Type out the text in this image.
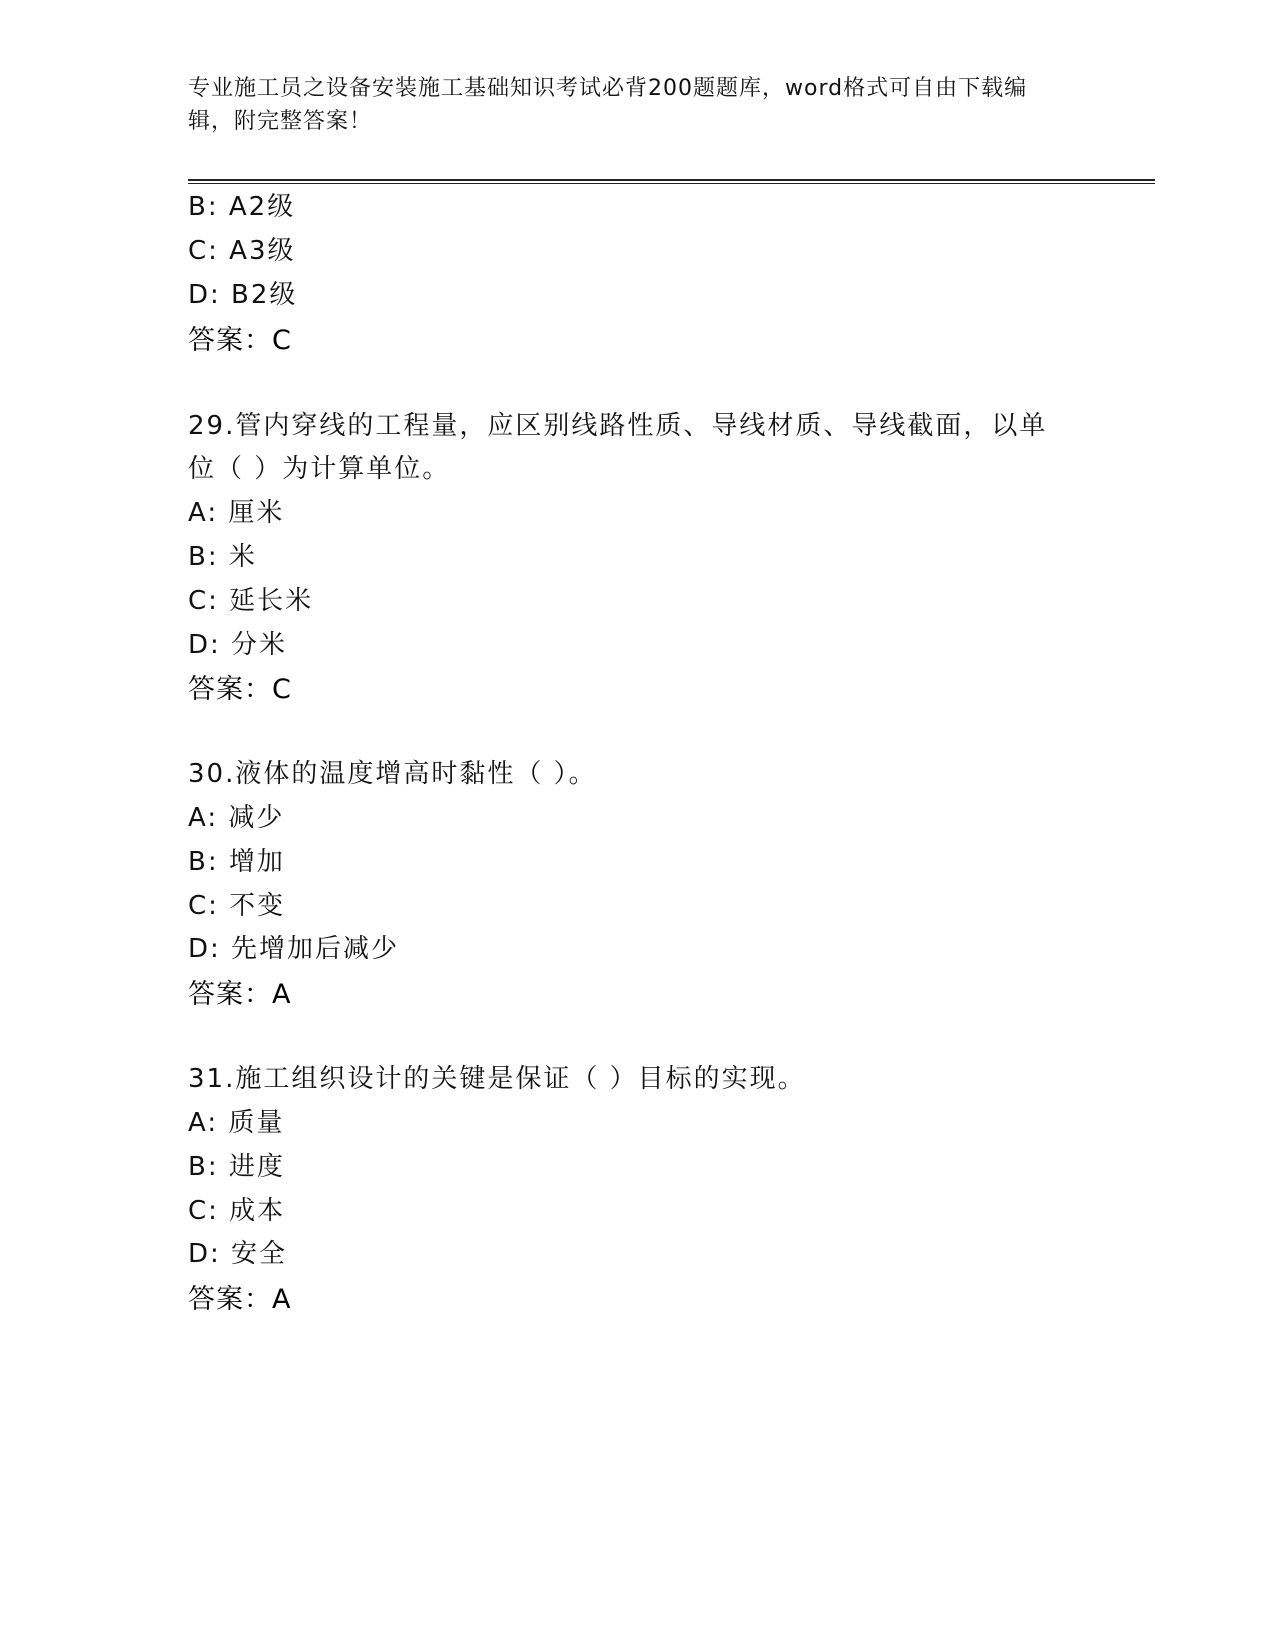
专业施工员之设备安装施工基础知识考试必背200题题库，word格式可自由下载编辑，附完整答案！
B: A2级
C: A3级
D: B2级
答案：C
29.管内穿线的工程量，应区别线路性质、导线材质、导线截面，以单
位（ ）为计算单位。
A: 厘米
B: 米
C: 延长米
D: 分米
答案：C
30.液体的温度增高时黏性（ ）。
A: 减少
B: 增加
C: 不变
D: 先增加后减少
答案：A
31.施工组织设计的关键是保证（ ）目标的实现。
A: 质量
B: 进度
C: 成本
D: 安全
答案：A
